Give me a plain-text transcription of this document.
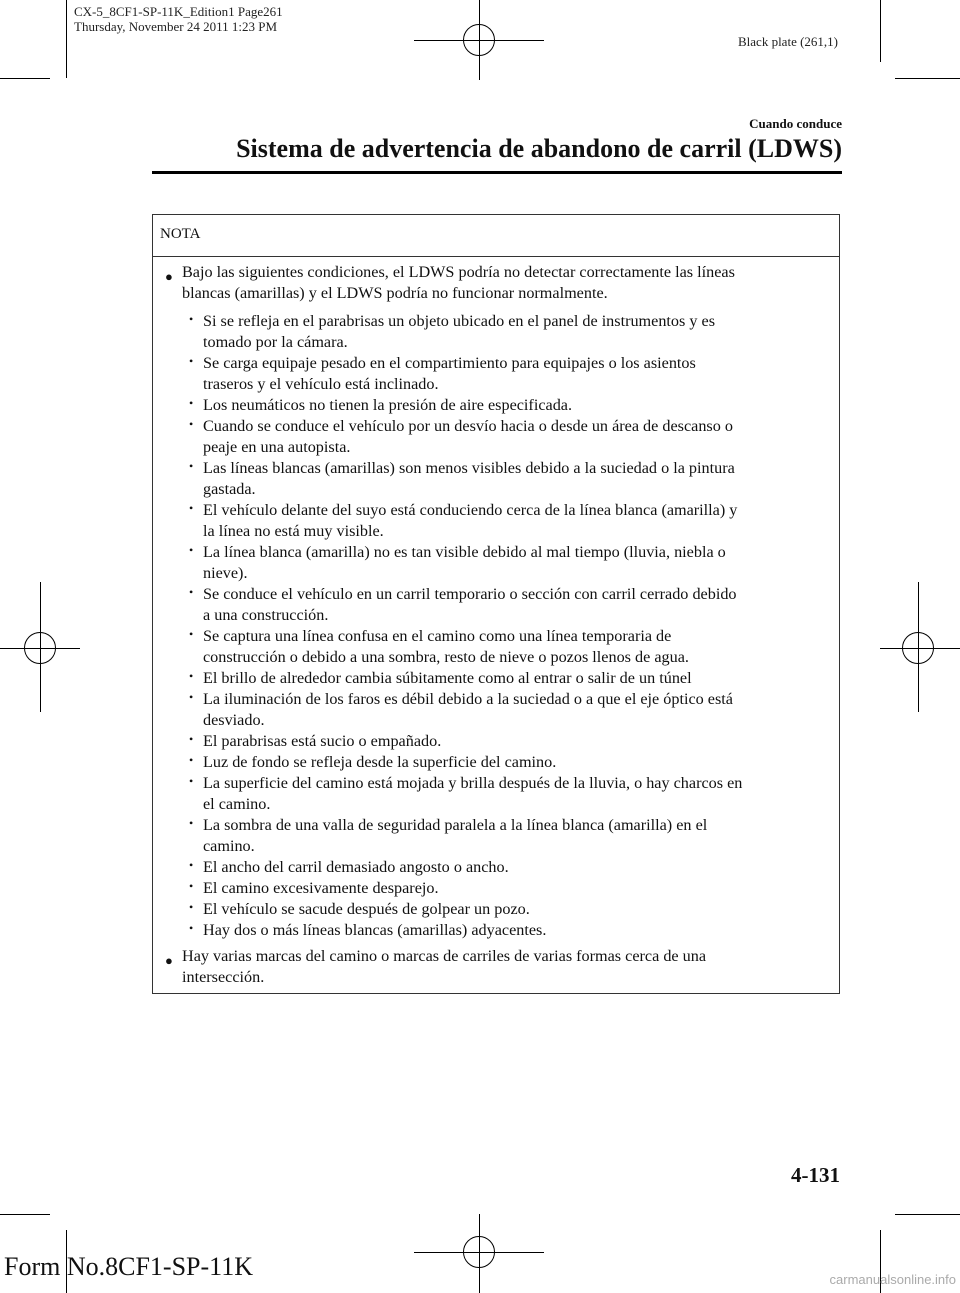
CX-5_8CF1-SP-11K_Edition1 Page261
Thursday, November 24 2011 1:23 PM
Black plate (261,1)
Cuando conduce
Sistema de advertencia de abandono de carril (LDWS)
NOTA
● Bajo las siguientes condiciones, el LDWS podría no detectar correctamente las líneas
blancas (amarillas) y el LDWS podría no funcionar normalmente.
• Si se refleja en el parabrisas un objeto ubicado en el panel de instrumentos y es
tomado por la cámara.
• Se carga equipaje pesado en el compartimiento para equipajes o los asientos
traseros y el vehículo está inclinado.
• Los neumáticos no tienen la presión de aire especificada.
• Cuando se conduce el vehículo por un desvío hacia o desde un área de descanso o
peaje en una autopista.
• Las líneas blancas (amarillas) son menos visibles debido a la suciedad o la pintura
gastada.
• El vehículo delante del suyo está conduciendo cerca de la línea blanca (amarilla) y
la línea no está muy visible.
• La línea blanca (amarilla) no es tan visible debido al mal tiempo (lluvia, niebla o
nieve).
• Se conduce el vehículo en un carril temporario o sección con carril cerrado debido
a una construcción.
• Se captura una línea confusa en el camino como una línea temporaria de
construcción o debido a una sombra, resto de nieve o pozos llenos de agua.
• El brillo de alrededor cambia súbitamente como al entrar o salir de un túnel
• La iluminación de los faros es débil debido a la suciedad o a que el eje óptico está
desviado.
• El parabrisas está sucio o empañado.
• Luz de fondo se refleja desde la superficie del camino.
• La superficie del camino está mojada y brilla después de la lluvia, o hay charcos en
el camino.
• La sombra de una valla de seguridad paralela a la línea blanca (amarilla) en el
camino.
• El ancho del carril demasiado angosto o ancho.
• El camino excesivamente desparejo.
• El vehículo se sacude después de golpear un pozo.
• Hay dos o más líneas blancas (amarillas) adyacentes.
● Hay varias marcas del camino o marcas de carriles de varias formas cerca de una
intersección.
4-131
Form No.8CF1-SP-11K	carmanualsonline.info
